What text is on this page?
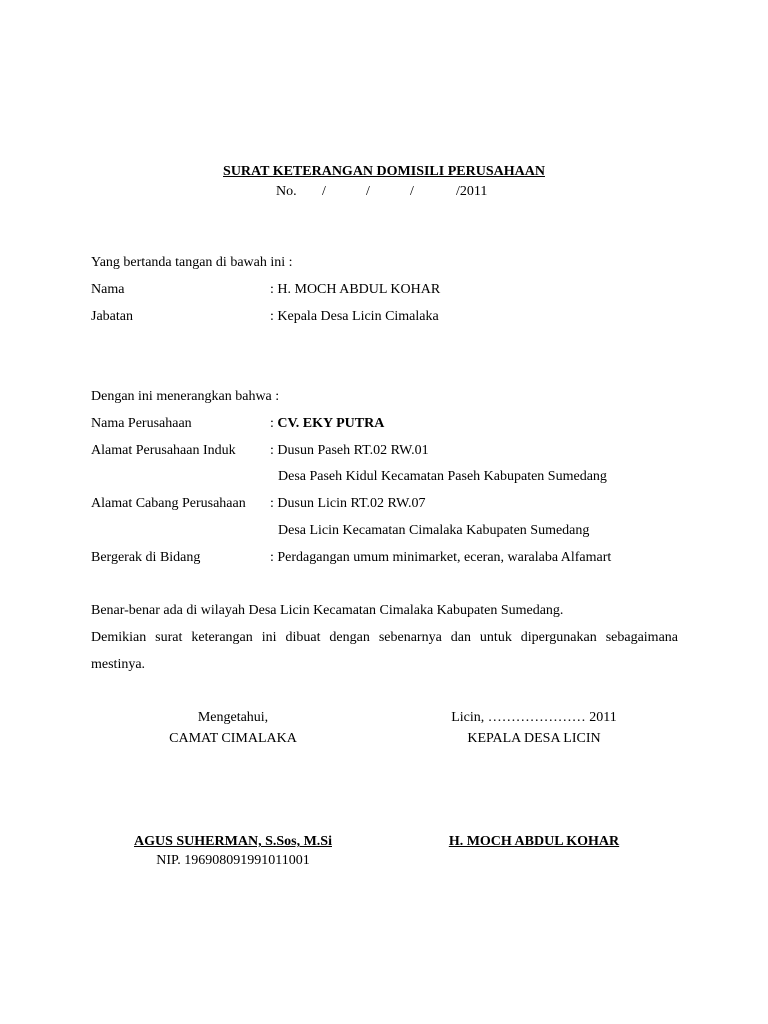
SURAT KETERANGAN DOMISILI PERUSAHAAN
No. /	/	/	/2011
Yang bertanda tangan di bawah ini :
Nama	: H. MOCH ABDUL KOHAR
Jabatan	: Kepala Desa Licin Cimalaka
Dengan ini menerangkan bahwa :
Nama Perusahaan	: CV. EKY PUTRA
Alamat Perusahaan Induk : Dusun Paseh RT.02 RW.01
Desa Paseh Kidul Kecamatan Paseh Kabupaten Sumedang
Alamat Cabang Perusahaan : Dusun Licin RT.02 RW.07
Desa Licin Kecamatan Cimalaka Kabupaten Sumedang
Bergerak di Bidang	: Perdagangan umum minimarket, eceran, waralaba Alfamart
Benar-benar ada di wilayah Desa Licin Kecamatan Cimalaka Kabupaten Sumedang.
Demikian surat keterangan ini dibuat dengan sebenarnya dan untuk dipergunakan sebagaimana
mestinya.
Mengetahui,
CAMAT CIMALAKA
AGUS SUHERMAN, S.Sos, M.Si
NIP. 196908091991011001
Licin, ………………… 2011
KEPALA DESA LICIN
H. MOCH ABDUL KOHAR
